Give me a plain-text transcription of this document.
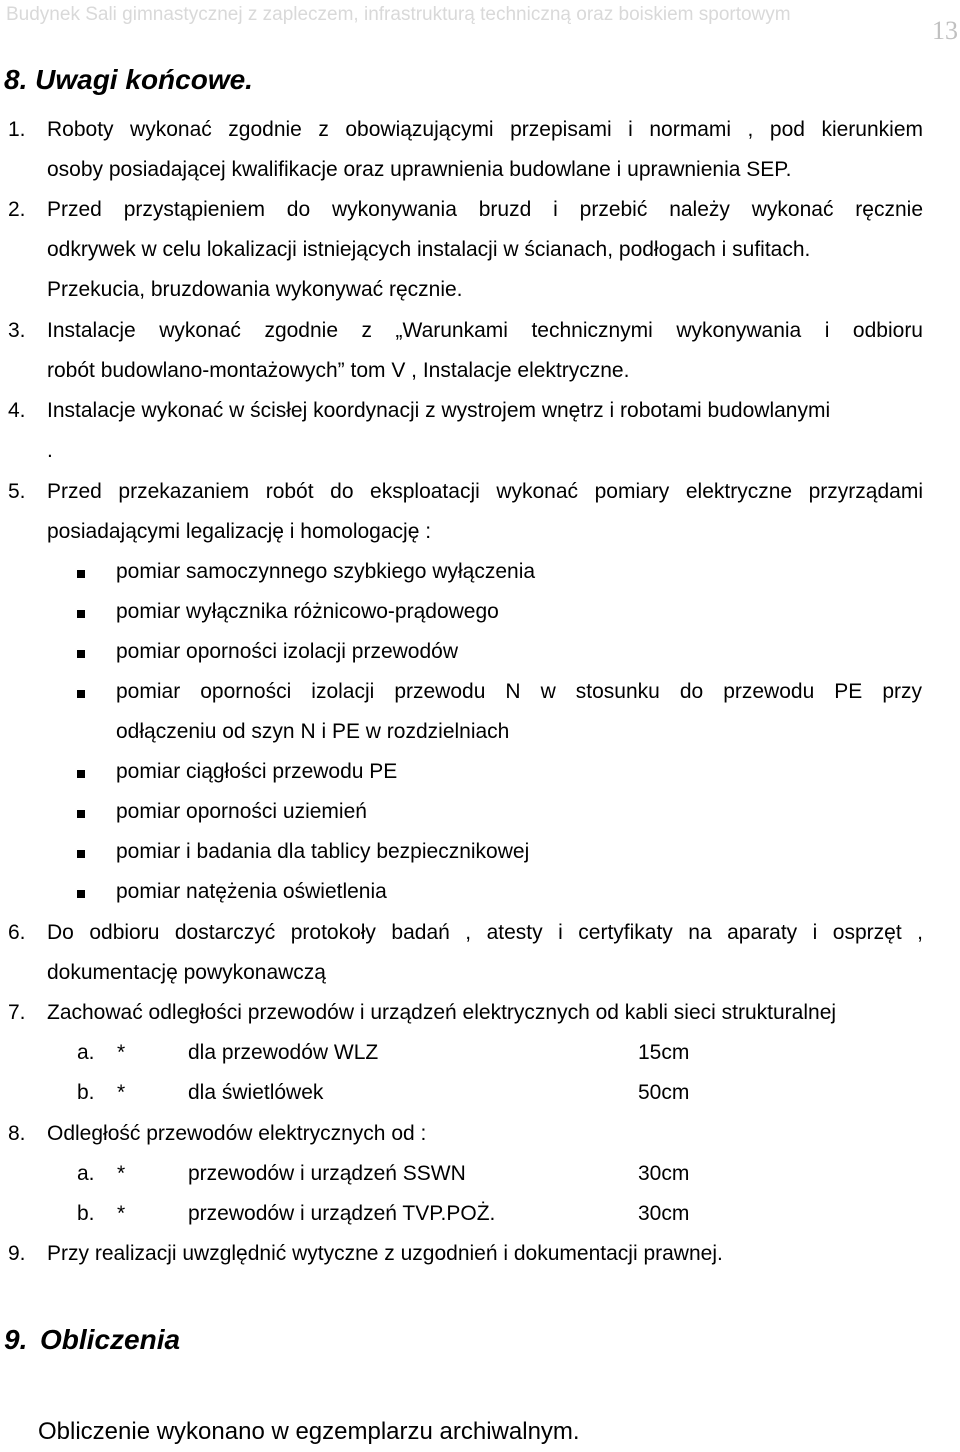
Budynek Sali gimnastycznej z zapleczem, infrastrukturą techniczną oraz boiskiem sportowym
13
8. Uwagi końcowe.
1. Roboty wykonać zgodnie z obowiązującymi przepisami i normami , pod kierunkiem
osoby posiadającej kwalifikacje oraz uprawnienia budowlane i uprawnienia SEP.
2. Przed przystąpieniem do wykonywania bruzd i przebić należy wykonać ręcznie
odkrywek w celu lokalizacji istniejących instalacji w ścianach, podłogach i sufitach.
Przekucia, bruzdowania wykonywać ręcznie.
3. Instalacje wykonać zgodnie z „Warunkami technicznymi wykonywania i odbioru
robót budowlano-montażowych” tom V , Instalacje elektryczne.
4. Instalacje wykonać w ścisłej koordynacji z wystrojem wnętrz i robotami budowlanymi
.
5. Przed przekazaniem robót do eksploatacji wykonać pomiary elektryczne przyrządami
posiadającymi legalizację i homologację :
pomiar samoczynnego szybkiego wyłączenia
pomiar wyłącznika różnicowo-prądowego
pomiar oporności izolacji przewodów
pomiar oporności izolacji przewodu N w stosunku do przewodu PE przy
odłączeniu od szyn N i PE w rozdzielniach
pomiar ciągłości przewodu PE
pomiar oporności uziemień
pomiar i badania dla tablicy bezpiecznikowej
pomiar natężenia oświetlenia
6. Do odbioru dostarczyć protokoły badań , atesty i certyfikaty na aparaty i osprzęt ,
dokumentację powykonawczą
7. Zachować odległości przewodów i urządzeń elektrycznych od kabli sieci strukturalnej
a. *	dla przewodów WLZ	15cm
b. *	dla świetlówek	50cm
8. Odległość przewodów elektrycznych od :
a. *	przewodów i urządzeń SSWN	30cm
b. *	przewodów i urządzeń TVP.POŻ.	30cm
9. Przy realizacji uwzględnić wytyczne z uzgodnień i dokumentacji prawnej.
9. Obliczenia
Obliczenie wykonano w egzemplarzu archiwalnym.
